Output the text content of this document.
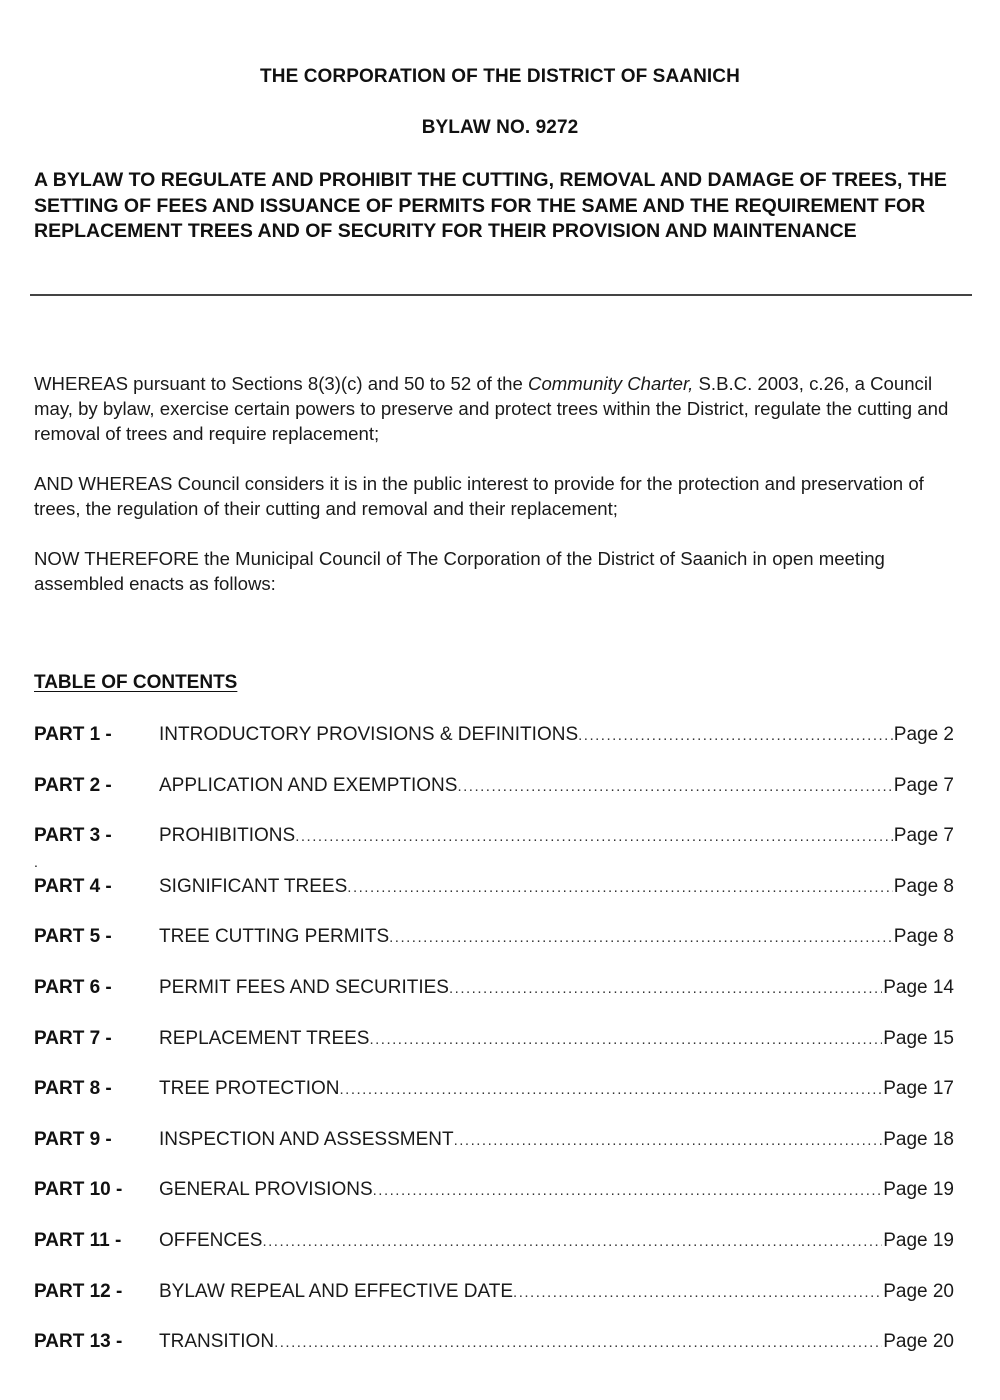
THE CORPORATION OF THE DISTRICT OF SAANICH
BYLAW NO. 9272
A BYLAW TO REGULATE AND PROHIBIT THE CUTTING, REMOVAL AND DAMAGE OF TREES, THE SETTING OF FEES AND ISSUANCE OF PERMITS FOR THE SAME AND THE REQUIREMENT FOR REPLACEMENT TREES AND OF SECURITY FOR THEIR PROVISION AND MAINTENANCE
WHEREAS pursuant to Sections 8(3)(c) and 50 to 52 of the Community Charter, S.B.C. 2003, c.26, a Council may, by bylaw, exercise certain powers to preserve and protect trees within the District, regulate the cutting and removal of trees and require replacement;
AND WHEREAS Council considers it is in the public interest to provide for the protection and preservation of trees, the regulation of their cutting and removal and their replacement;
NOW THEREFORE the Municipal Council of The Corporation of the District of Saanich in open meeting assembled enacts as follows:
TABLE OF CONTENTS
.
PART 1 -	INTRODUCTORY PROVISIONS & DEFINITIONS .....	Page 2
PART 2 -	APPLICATION AND EXEMPTIONS .....	Page 7
PART 3 -	PROHIBITIONS .....	Page 7
PART 4 -	SIGNIFICANT TREES .....	Page 8
PART 5 -	TREE CUTTING PERMITS .....	Page 8
PART 6 -	PERMIT FEES AND SECURITIES .....	Page 14
PART 7 -	REPLACEMENT TREES .....	Page 15
PART 8 -	TREE PROTECTION .....	Page 17
PART 9 -	INSPECTION AND ASSESSMENT .....	Page 18
PART 10 -	GENERAL PROVISIONS .....	Page 19
PART 11 -	OFFENCES .....	Page 19
PART 12 -	BYLAW REPEAL AND EFFECTIVE DATE .....	Page 20
PART 13 -	TRANSITION .....	Page 20
